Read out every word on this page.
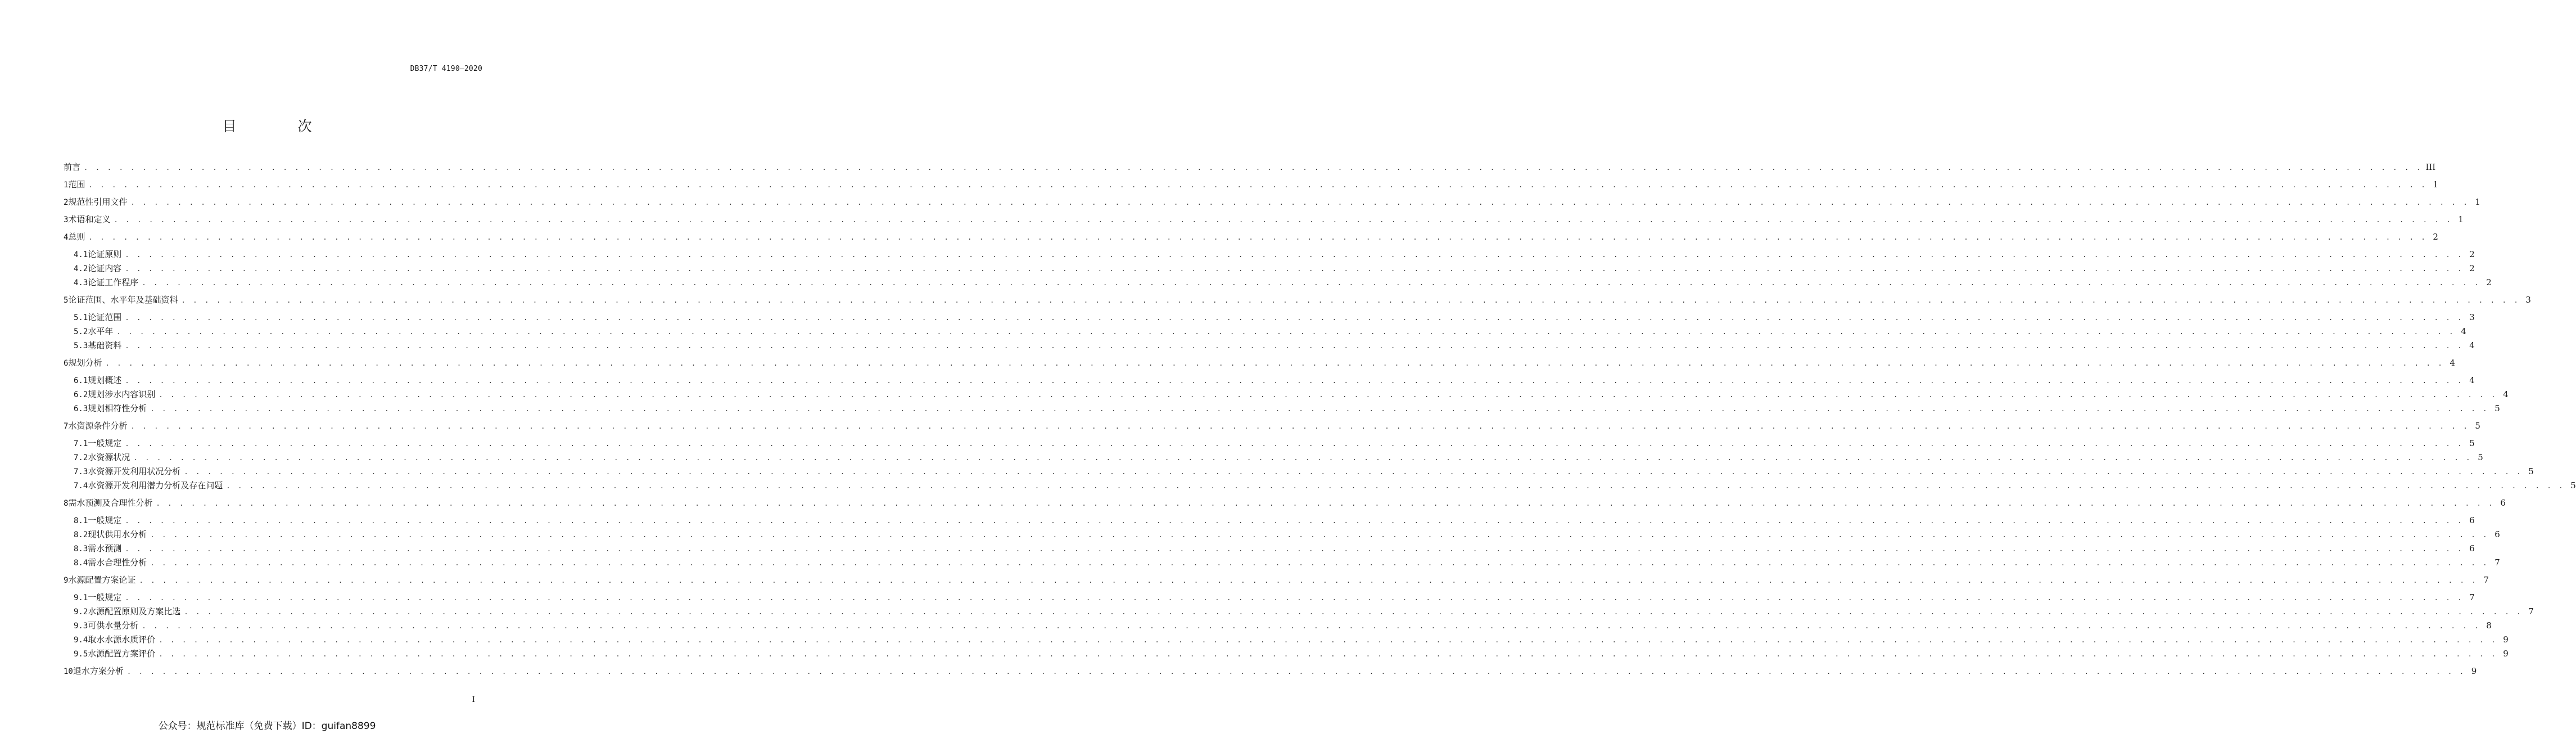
DB37/T 4190—2020
目　次
前言 . . . . . . . . . . . . . . . . . . . . . . . . . . . . . . . . . . . . . . . . . . . . . . . . . . . . . . . . . . . . . . . . . . . . . . . . . . . . . . . . . . . . . . . . . . . . . . . . . . . . . . . . . . . . . . . . . . . . . . . . . . . . . . . . . . . . . . . . . . . . . . . . . . . . . . . . . . . . . . . . . . . . . . . . . . . . . . . . . . . . . . . . . . . . . . . . . . . . . . . . III
1 范围 . . . . . . . . . . . . . . . . . . . . . . . . . . . . . . . . . . . . . . . . . . . . . . . . . . . . . . . . . . . . . . . . . . . . . . . . . . . . . . . . . . . . . . . . . . . . . . . . . . . . . . . . . . . . . . . . . . . . . . . . . . . . . . . . . . . . . . . . . . . . . . . . . . . . . . . . . . . . . . . . . . . . . . . . . . . . . . . . . . . . . . . . . . . . . . . . . . . . . . . . 1
2 规范性引用文件 . . . . . . . . . . . . . . . . . . . . . . . . . . . . . . . . . . . . . . . . . . . . . . . . . . . . . . . . . . . . . . . . . . . . . . . . . . . . . . . . . . . . . . . . . . . . . . . . . . . . . . . . . . . . . . . . . . . . . . . . . . . . . . . . . . . . . . . . . . . . . . . . . . . . . . . . . . . . . . . . . . . . . . . . . . . . . . . . . . . . . . . . . . . . . . . . . . . . . . . . 1
3 术语和定义 . . . . . . . . . . . . . . . . . . . . . . . . . . . . . . . . . . . . . . . . . . . . . . . . . . . . . . . . . . . . . . . . . . . . . . . . . . . . . . . . . . . . . . . . . . . . . . . . . . . . . . . . . . . . . . . . . . . . . . . . . . . . . . . . . . . . . . . . . . . . . . . . . . . . . . . . . . . . . . . . . . . . . . . . . . . . . . . . . . . . . . . . . . . . . . . . . . . . . . . . 1
4 总则 . . . . . . . . . . . . . . . . . . . . . . . . . . . . . . . . . . . . . . . . . . . . . . . . . . . . . . . . . . . . . . . . . . . . . . . . . . . . . . . . . . . . . . . . . . . . . . . . . . . . . . . . . . . . . . . . . . . . . . . . . . . . . . . . . . . . . . . . . . . . . . . . . . . . . . . . . . . . . . . . . . . . . . . . . . . . . . . . . . . . . . . . . . . . . . . . . . . . . . . . 2
4.1 论证原则 . . . . . . . . . . . . . . . . . . . . . . . . . . . . . . . . . . . . . . . . . . . . . . . . . . . . . . . . . . . . . . . . . . . . . . . . . . . . . . . . . . . . . . . . . . . . . . . . . . . . . . . . . . . . . . . . . . . . . . . . . . . . . . . . . . . . . . . . . . . . . . . . . . . . . . . . . . . . . . . . . . . . . . . . . . . . . . . . . . . . . . . . . . . . . . . . . . . . . . . . 2
4.2 论证内容 . . . . . . . . . . . . . . . . . . . . . . . . . . . . . . . . . . . . . . . . . . . . . . . . . . . . . . . . . . . . . . . . . . . . . . . . . . . . . . . . . . . . . . . . . . . . . . . . . . . . . . . . . . . . . . . . . . . . . . . . . . . . . . . . . . . . . . . . . . . . . . . . . . . . . . . . . . . . . . . . . . . . . . . . . . . . . . . . . . . . . . . . . . . . . . . . . . . . . . . . 2
4.3 论证工作程序 . . . . . . . . . . . . . . . . . . . . . . . . . . . . . . . . . . . . . . . . . . . . . . . . . . . . . . . . . . . . . . . . . . . . . . . . . . . . . . . . . . . . . . . . . . . . . . . . . . . . . . . . . . . . . . . . . . . . . . . . . . . . . . . . . . . . . . . . . . . . . . . . . . . . . . . . . . . . . . . . . . . . . . . . . . . . . . . . . . . . . . . . . . . . . . . . . . . . . . . . 2
5 论证范围、水平年及基础资料 . . . . . . . . . . . . . . . . . . . . . . . . . . . . . . . . . . . . . . . . . . . . . . . . . . . . . . . . . . . . . . . . . . . . . . . . . . . . . . . . . . . . . . . . . . . . . . . . . . . . . . . . . . . . . . . . . . . . . . . . . . . . . . . . . . . . . . . . . . . . . . . . . . . . . . . . . . . . . . . . . . . . . . . . . . . . . . . . . . . . . . . . . . . . . . . . . . . . . . . . 3
5.1 论证范围 . . . . . . . . . . . . . . . . . . . . . . . . . . . . . . . . . . . . . . . . . . . . . . . . . . . . . . . . . . . . . . . . . . . . . . . . . . . . . . . . . . . . . . . . . . . . . . . . . . . . . . . . . . . . . . . . . . . . . . . . . . . . . . . . . . . . . . . . . . . . . . . . . . . . . . . . . . . . . . . . . . . . . . . . . . . . . . . . . . . . . . . . . . . . . . . . . . . . . . . . 3
5.2 水平年 . . . . . . . . . . . . . . . . . . . . . . . . . . . . . . . . . . . . . . . . . . . . . . . . . . . . . . . . . . . . . . . . . . . . . . . . . . . . . . . . . . . . . . . . . . . . . . . . . . . . . . . . . . . . . . . . . . . . . . . . . . . . . . . . . . . . . . . . . . . . . . . . . . . . . . . . . . . . . . . . . . . . . . . . . . . . . . . . . . . . . . . . . . . . . . . . . . . . . . . . 4
5.3 基础资料 . . . . . . . . . . . . . . . . . . . . . . . . . . . . . . . . . . . . . . . . . . . . . . . . . . . . . . . . . . . . . . . . . . . . . . . . . . . . . . . . . . . . . . . . . . . . . . . . . . . . . . . . . . . . . . . . . . . . . . . . . . . . . . . . . . . . . . . . . . . . . . . . . . . . . . . . . . . . . . . . . . . . . . . . . . . . . . . . . . . . . . . . . . . . . . . . . . . . . . . . 4
6 规划分析 . . . . . . . . . . . . . . . . . . . . . . . . . . . . . . . . . . . . . . . . . . . . . . . . . . . . . . . . . . . . . . . . . . . . . . . . . . . . . . . . . . . . . . . . . . . . . . . . . . . . . . . . . . . . . . . . . . . . . . . . . . . . . . . . . . . . . . . . . . . . . . . . . . . . . . . . . . . . . . . . . . . . . . . . . . . . . . . . . . . . . . . . . . . . . . . . . . . . . . . . 4
6.1 规划概述 . . . . . . . . . . . . . . . . . . . . . . . . . . . . . . . . . . . . . . . . . . . . . . . . . . . . . . . . . . . . . . . . . . . . . . . . . . . . . . . . . . . . . . . . . . . . . . . . . . . . . . . . . . . . . . . . . . . . . . . . . . . . . . . . . . . . . . . . . . . . . . . . . . . . . . . . . . . . . . . . . . . . . . . . . . . . . . . . . . . . . . . . . . . . . . . . . . . . . . . . 4
6.2 规划涉水内容识别 . . . . . . . . . . . . . . . . . . . . . . . . . . . . . . . . . . . . . . . . . . . . . . . . . . . . . . . . . . . . . . . . . . . . . . . . . . . . . . . . . . . . . . . . . . . . . . . . . . . . . . . . . . . . . . . . . . . . . . . . . . . . . . . . . . . . . . . . . . . . . . . . . . . . . . . . . . . . . . . . . . . . . . . . . . . . . . . . . . . . . . . . . . . . . . . . . . . . . . . . 4
6.3 规划相符性分析 . . . . . . . . . . . . . . . . . . . . . . . . . . . . . . . . . . . . . . . . . . . . . . . . . . . . . . . . . . . . . . . . . . . . . . . . . . . . . . . . . . . . . . . . . . . . . . . . . . . . . . . . . . . . . . . . . . . . . . . . . . . . . . . . . . . . . . . . . . . . . . . . . . . . . . . . . . . . . . . . . . . . . . . . . . . . . . . . . . . . . . . . . . . . . . . . . . . . . . . . 5
7 水资源条件分析 . . . . . . . . . . . . . . . . . . . . . . . . . . . . . . . . . . . . . . . . . . . . . . . . . . . . . . . . . . . . . . . . . . . . . . . . . . . . . . . . . . . . . . . . . . . . . . . . . . . . . . . . . . . . . . . . . . . . . . . . . . . . . . . . . . . . . . . . . . . . . . . . . . . . . . . . . . . . . . . . . . . . . . . . . . . . . . . . . . . . . . . . . . . . . . . . . . . . . . . . 5
7.1 一般规定 . . . . . . . . . . . . . . . . . . . . . . . . . . . . . . . . . . . . . . . . . . . . . . . . . . . . . . . . . . . . . . . . . . . . . . . . . . . . . . . . . . . . . . . . . . . . . . . . . . . . . . . . . . . . . . . . . . . . . . . . . . . . . . . . . . . . . . . . . . . . . . . . . . . . . . . . . . . . . . . . . . . . . . . . . . . . . . . . . . . . . . . . . . . . . . . . . . . . . . . . 5
7.2 水资源状况 . . . . . . . . . . . . . . . . . . . . . . . . . . . . . . . . . . . . . . . . . . . . . . . . . . . . . . . . . . . . . . . . . . . . . . . . . . . . . . . . . . . . . . . . . . . . . . . . . . . . . . . . . . . . . . . . . . . . . . . . . . . . . . . . . . . . . . . . . . . . . . . . . . . . . . . . . . . . . . . . . . . . . . . . . . . . . . . . . . . . . . . . . . . . . . . . . . . . . . . . 5
7.3 水资源开发利用状况分析 . . . . . . . . . . . . . . . . . . . . . . . . . . . . . . . . . . . . . . . . . . . . . . . . . . . . . . . . . . . . . . . . . . . . . . . . . . . . . . . . . . . . . . . . . . . . . . . . . . . . . . . . . . . . . . . . . . . . . . . . . . . . . . . . . . . . . . . . . . . . . . . . . . . . . . . . . . . . . . . . . . . . . . . . . . . . . . . . . . . . . . . . . . . . . . . . . . . . . . . . 5
7.4 水资源开发利用潜力分析及存在问题 . . . . . . . . . . . . . . . . . . . . . . . . . . . . . . . . . . . . . . . . . . . . . . . . . . . . . . . . . . . . . . . . . . . . . . . . . . . . . . . . . . . . . . . . . . . . . . . . . . . . . . . . . . . . . . . . . . . . . . . . . . . . . . . . . . . . . . . . . . . . . . . . . . . . . . . . . . . . . . . . . . . . . . . . . . . . . . . . . . . . . . . . . . . . . . . . . . . . . . . . 5
8 需水预测及合理性分析 . . . . . . . . . . . . . . . . . . . . . . . . . . . . . . . . . . . . . . . . . . . . . . . . . . . . . . . . . . . . . . . . . . . . . . . . . . . . . . . . . . . . . . . . . . . . . . . . . . . . . . . . . . . . . . . . . . . . . . . . . . . . . . . . . . . . . . . . . . . . . . . . . . . . . . . . . . . . . . . . . . . . . . . . . . . . . . . . . . . . . . . . . . . . . . . . . . . . . . . . 6
8.1 一般规定 . . . . . . . . . . . . . . . . . . . . . . . . . . . . . . . . . . . . . . . . . . . . . . . . . . . . . . . . . . . . . . . . . . . . . . . . . . . . . . . . . . . . . . . . . . . . . . . . . . . . . . . . . . . . . . . . . . . . . . . . . . . . . . . . . . . . . . . . . . . . . . . . . . . . . . . . . . . . . . . . . . . . . . . . . . . . . . . . . . . . . . . . . . . . . . . . . . . . . . . . 6
8.2 现状供用水分析 . . . . . . . . . . . . . . . . . . . . . . . . . . . . . . . . . . . . . . . . . . . . . . . . . . . . . . . . . . . . . . . . . . . . . . . . . . . . . . . . . . . . . . . . . . . . . . . . . . . . . . . . . . . . . . . . . . . . . . . . . . . . . . . . . . . . . . . . . . . . . . . . . . . . . . . . . . . . . . . . . . . . . . . . . . . . . . . . . . . . . . . . . . . . . . . . . . . . . . . . 6
8.3 需水预测 . . . . . . . . . . . . . . . . . . . . . . . . . . . . . . . . . . . . . . . . . . . . . . . . . . . . . . . . . . . . . . . . . . . . . . . . . . . . . . . . . . . . . . . . . . . . . . . . . . . . . . . . . . . . . . . . . . . . . . . . . . . . . . . . . . . . . . . . . . . . . . . . . . . . . . . . . . . . . . . . . . . . . . . . . . . . . . . . . . . . . . . . . . . . . . . . . . . . . . . . 6
8.4 需水合理性分析 . . . . . . . . . . . . . . . . . . . . . . . . . . . . . . . . . . . . . . . . . . . . . . . . . . . . . . . . . . . . . . . . . . . . . . . . . . . . . . . . . . . . . . . . . . . . . . . . . . . . . . . . . . . . . . . . . . . . . . . . . . . . . . . . . . . . . . . . . . . . . . . . . . . . . . . . . . . . . . . . . . . . . . . . . . . . . . . . . . . . . . . . . . . . . . . . . . . . . . . . 7
9 水源配置方案论证 . . . . . . . . . . . . . . . . . . . . . . . . . . . . . . . . . . . . . . . . . . . . . . . . . . . . . . . . . . . . . . . . . . . . . . . . . . . . . . . . . . . . . . . . . . . . . . . . . . . . . . . . . . . . . . . . . . . . . . . . . . . . . . . . . . . . . . . . . . . . . . . . . . . . . . . . . . . . . . . . . . . . . . . . . . . . . . . . . . . . . . . . . . . . . . . . . . . . . . . . 7
9.1 一般规定 . . . . . . . . . . . . . . . . . . . . . . . . . . . . . . . . . . . . . . . . . . . . . . . . . . . . . . . . . . . . . . . . . . . . . . . . . . . . . . . . . . . . . . . . . . . . . . . . . . . . . . . . . . . . . . . . . . . . . . . . . . . . . . . . . . . . . . . . . . . . . . . . . . . . . . . . . . . . . . . . . . . . . . . . . . . . . . . . . . . . . . . . . . . . . . . . . . . . . . . . 7
9.2 水源配置原则及方案比选 . . . . . . . . . . . . . . . . . . . . . . . . . . . . . . . . . . . . . . . . . . . . . . . . . . . . . . . . . . . . . . . . . . . . . . . . . . . . . . . . . . . . . . . . . . . . . . . . . . . . . . . . . . . . . . . . . . . . . . . . . . . . . . . . . . . . . . . . . . . . . . . . . . . . . . . . . . . . . . . . . . . . . . . . . . . . . . . . . . . . . . . . . . . . . . . . . . . . . . . . 7
9.3 可供水量分析 . . . . . . . . . . . . . . . . . . . . . . . . . . . . . . . . . . . . . . . . . . . . . . . . . . . . . . . . . . . . . . . . . . . . . . . . . . . . . . . . . . . . . . . . . . . . . . . . . . . . . . . . . . . . . . . . . . . . . . . . . . . . . . . . . . . . . . . . . . . . . . . . . . . . . . . . . . . . . . . . . . . . . . . . . . . . . . . . . . . . . . . . . . . . . . . . . . . . . . . . 8
9.4 取水水源水质评价 . . . . . . . . . . . . . . . . . . . . . . . . . . . . . . . . . . . . . . . . . . . . . . . . . . . . . . . . . . . . . . . . . . . . . . . . . . . . . . . . . . . . . . . . . . . . . . . . . . . . . . . . . . . . . . . . . . . . . . . . . . . . . . . . . . . . . . . . . . . . . . . . . . . . . . . . . . . . . . . . . . . . . . . . . . . . . . . . . . . . . . . . . . . . . . . . . . . . . . . . 9
9.5 水源配置方案评价 . . . . . . . . . . . . . . . . . . . . . . . . . . . . . . . . . . . . . . . . . . . . . . . . . . . . . . . . . . . . . . . . . . . . . . . . . . . . . . . . . . . . . . . . . . . . . . . . . . . . . . . . . . . . . . . . . . . . . . . . . . . . . . . . . . . . . . . . . . . . . . . . . . . . . . . . . . . . . . . . . . . . . . . . . . . . . . . . . . . . . . . . . . . . . . . . . . . . . . . . 9
10 退水方案分析 . . . . . . . . . . . . . . . . . . . . . . . . . . . . . . . . . . . . . . . . . . . . . . . . . . . . . . . . . . . . . . . . . . . . . . . . . . . . . . . . . . . . . . . . . . . . . . . . . . . . . . . . . . . . . . . . . . . . . . . . . . . . . . . . . . . . . . . . . . . . . . . . . . . . . . . . . . . . . . . . . . . . . . . . . . . . . . . . . . . . . . . . . . . . . . . . . . . . . . . . 9
I
公众号：规范标准库（免费下载）ID：guifan8899
